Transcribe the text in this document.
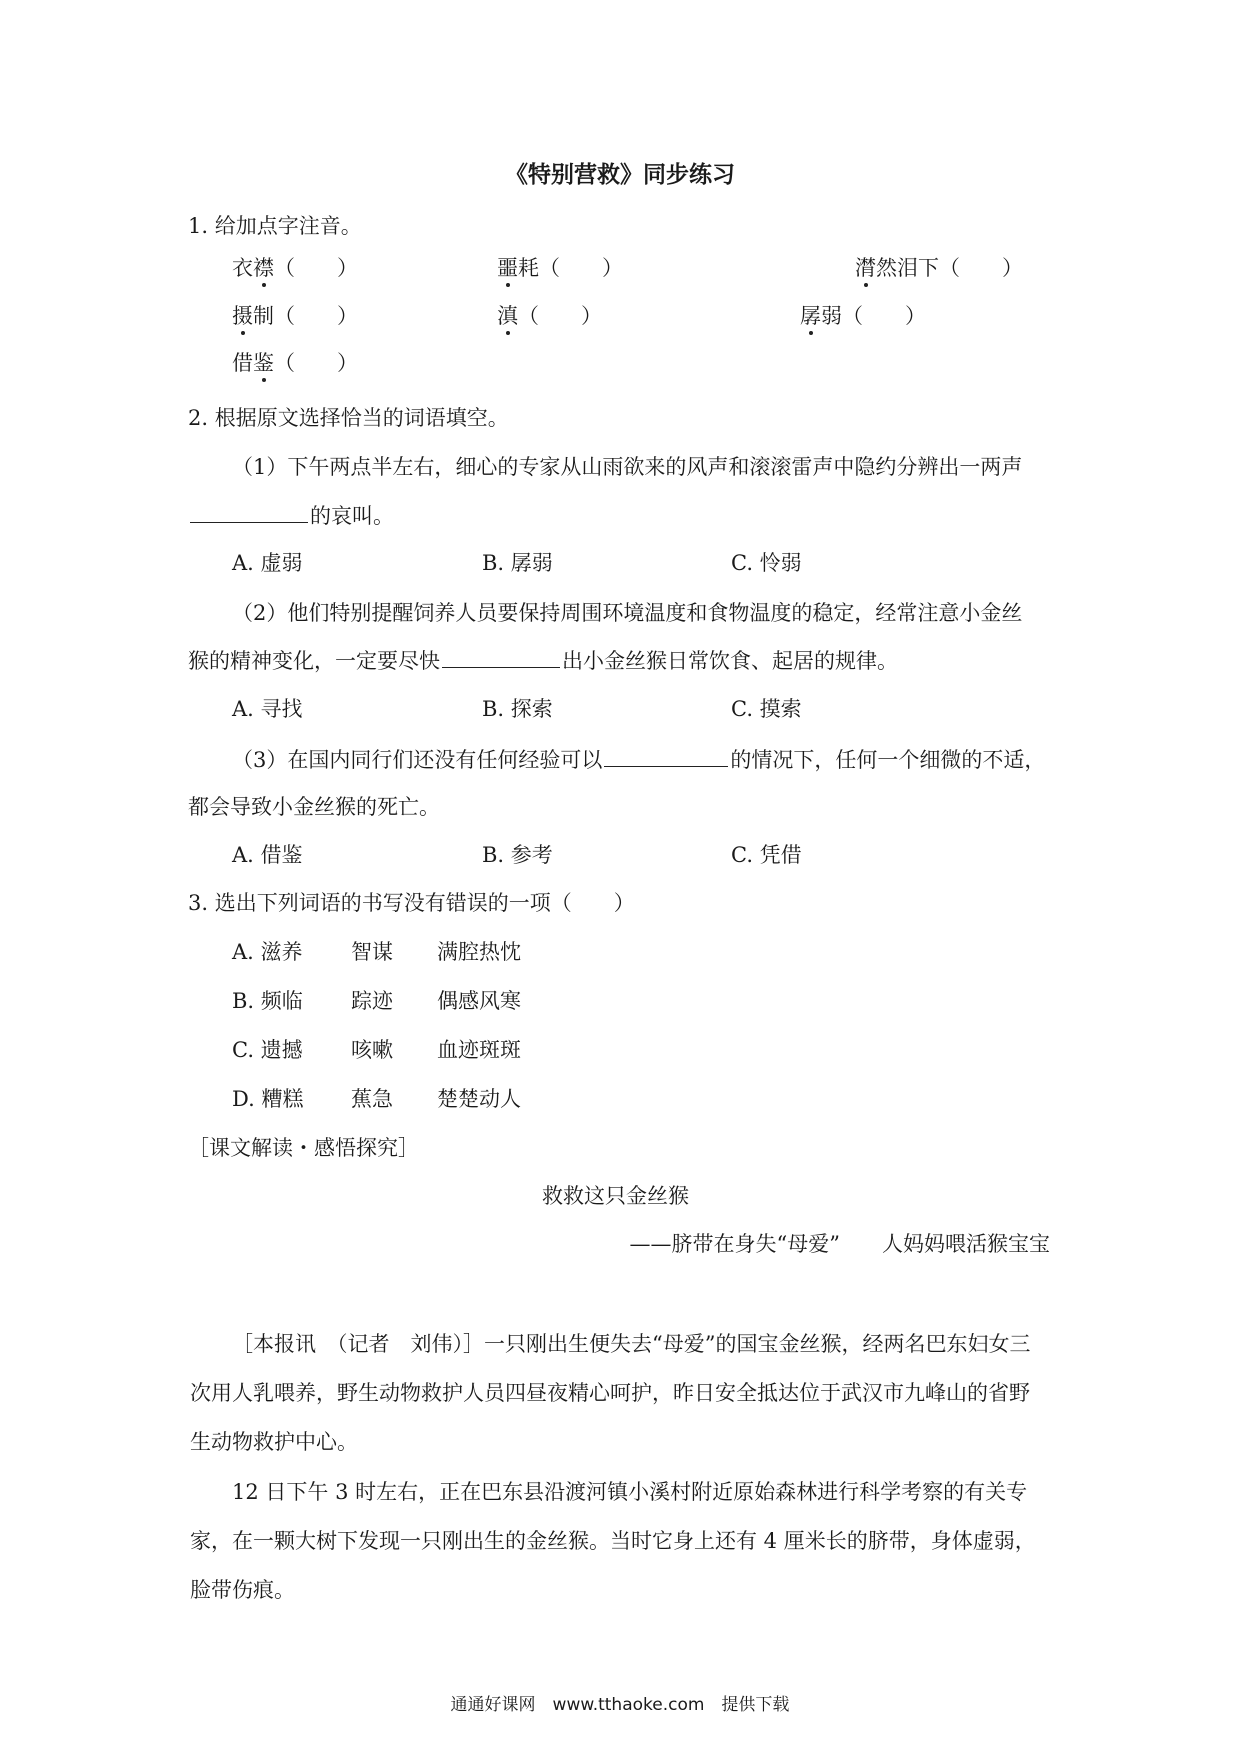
《特别营救》同步练习
1. 给加点字注音。
衣襟（　　）	噩耗（　　）	潸然泪下（　　）
摄制（　　）	滇（　　）	孱弱（　　）
借鉴（　　）
2. 根据原文选择恰当的词语填空。
（1）下午两点半左右，细心的专家从山雨欲来的风声和滚滚雷声中隐约分辨出一两声
的哀叫。
A. 虚弱	B. 孱弱	C. 怜弱
（2）他们特别提醒饲养人员要保持周围环境温度和食物温度的稳定，经常注意小金丝
猴的精神变化，一定要尽快	出小金丝猴日常饮食、起居的规律。
A. 寻找	B. 探索	C. 摸索
（3）在国内同行们还没有任何经验可以	的情况下，任何一个细微的不适，
都会导致小金丝猴的死亡。
A. 借鉴	B. 参考	C. 凭借
3. 选出下列词语的书写没有错误的一项（　　）
A. 滋养 智谋 满腔热忱
B. 频临 踪迹 偶感风寒
C. 遗撼 咳嗽 血迹斑斑
D. 糟糕 蕉急 楚楚动人
［课文解读・感悟探究］
救救这只金丝猴
——脐带在身失“母爱”　　人妈妈喂活猴宝宝
［本报讯　（记者　刘伟）］一只刚出生便失去“母爱”的国宝金丝猴，经两名巴东妇女三次用人乳喂养，野生动物救护人员四昼夜精心呵护，昨日安全抵达位于武汉市九峰山的省野生动物救护中心。
12 日下午 3 时左右，正在巴东县沿渡河镇小溪村附近原始森林进行科学考察的有关专家，在一颗大树下发现一只刚出生的金丝猴。当时它身上还有 4 厘米长的脐带，身体虚弱，脸带伤痕。
通通好课网　www.tthaoke.com　提供下载
